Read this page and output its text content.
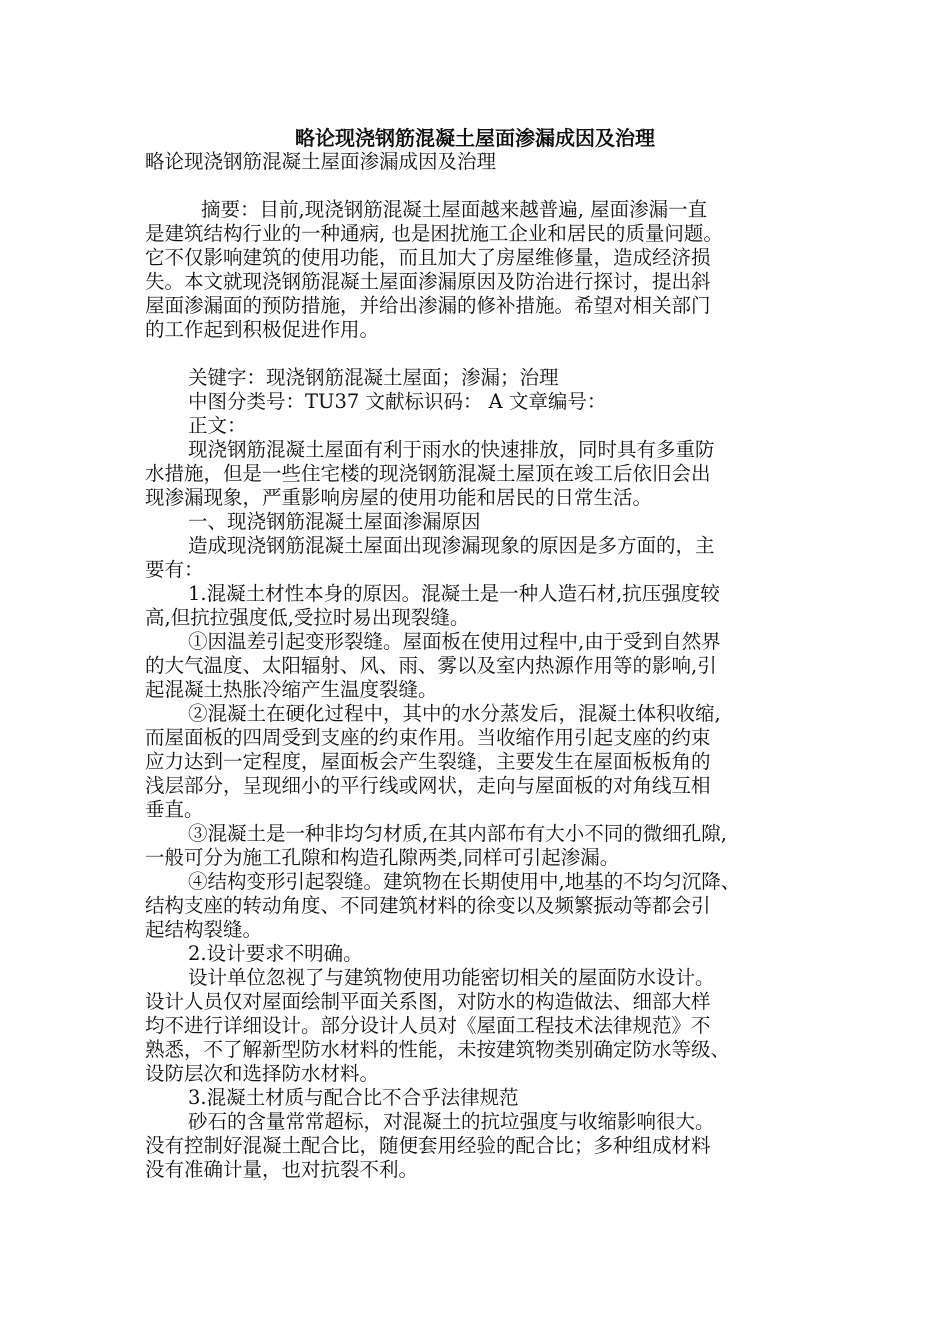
略论现浇钢筋混凝土屋面渗漏成因及治理
略论现浇钢筋混凝土屋面渗漏成因及治理
摘要：目前,现浇钢筋混凝土屋面越来越普遍, 屋面渗漏一直
是建筑结构行业的一种通病, 也是困扰施工企业和居民的质量问题。
它不仅影响建筑的使用功能，而且加大了房屋维修量，造成经济损
失。本文就现浇钢筋混凝土屋面渗漏原因及防治进行探讨，提出斜
屋面渗漏面的预防措施，并给出渗漏的修补措施。希望对相关部门
的工作起到积极促进作用。
关键字：现浇钢筋混凝土屋面；渗漏；治理
中图分类号：TU37 文献标识码： A 文章编号：
正文：
现浇钢筋混凝土屋面有利于雨水的快速排放，同时具有多重防
水措施，但是一些住宅楼的现浇钢筋混凝土屋顶在竣工后依旧会出
现渗漏现象，严重影响房屋的使用功能和居民的日常生活。
一、现浇钢筋混凝土屋面渗漏原因
造成现浇钢筋混凝土屋面出现渗漏现象的原因是多方面的，主
要有：
1.混凝土材性本身的原因。混凝土是一种人造石材,抗压强度较
高,但抗拉强度低,受拉时易出现裂缝。
①因温差引起变形裂缝。屋面板在使用过程中,由于受到自然界
的大气温度、太阳辐射、风、雨、雾以及室内热源作用等的影响,引
起混凝土热胀冷缩产生温度裂缝。
②混凝土在硬化过程中，其中的水分蒸发后，混凝土体积收缩,
而屋面板的四周受到支座的约束作用。当收缩作用引起支座的约束
应力达到一定程度，屋面板会产生裂缝，主要发生在屋面板板角的
浅层部分，呈现细小的平行线或网状，走向与屋面板的对角线互相
垂直。
③混凝土是一种非均匀材质,在其内部布有大小不同的微细孔隙,
一般可分为施工孔隙和构造孔隙两类,同样可引起渗漏。
④结构变形引起裂缝。建筑物在长期使用中,地基的不均匀沉降、
结构支座的转动角度、不同建筑材料的徐变以及频繁振动等都会引
起结构裂缝。
2.设计要求不明确。
设计单位忽视了与建筑物使用功能密切相关的屋面防水设计。
设计人员仅对屋面绘制平面关系图，对防水的构造做法、细部大样
均不进行详细设计。部分设计人员对《屋面工程技术法律规范》不
熟悉，不了解新型防水材料的性能，未按建筑物类别确定防水等级、
设防层次和选择防水材料。
3.混凝土材质与配合比不合乎法律规范
砂石的含量常常超标，对混凝土的抗垃强度与收缩影响很大。
没有控制好混凝土配合比，随便套用经验的配合比；多种组成材料
没有准确计量，也对抗裂不利。
